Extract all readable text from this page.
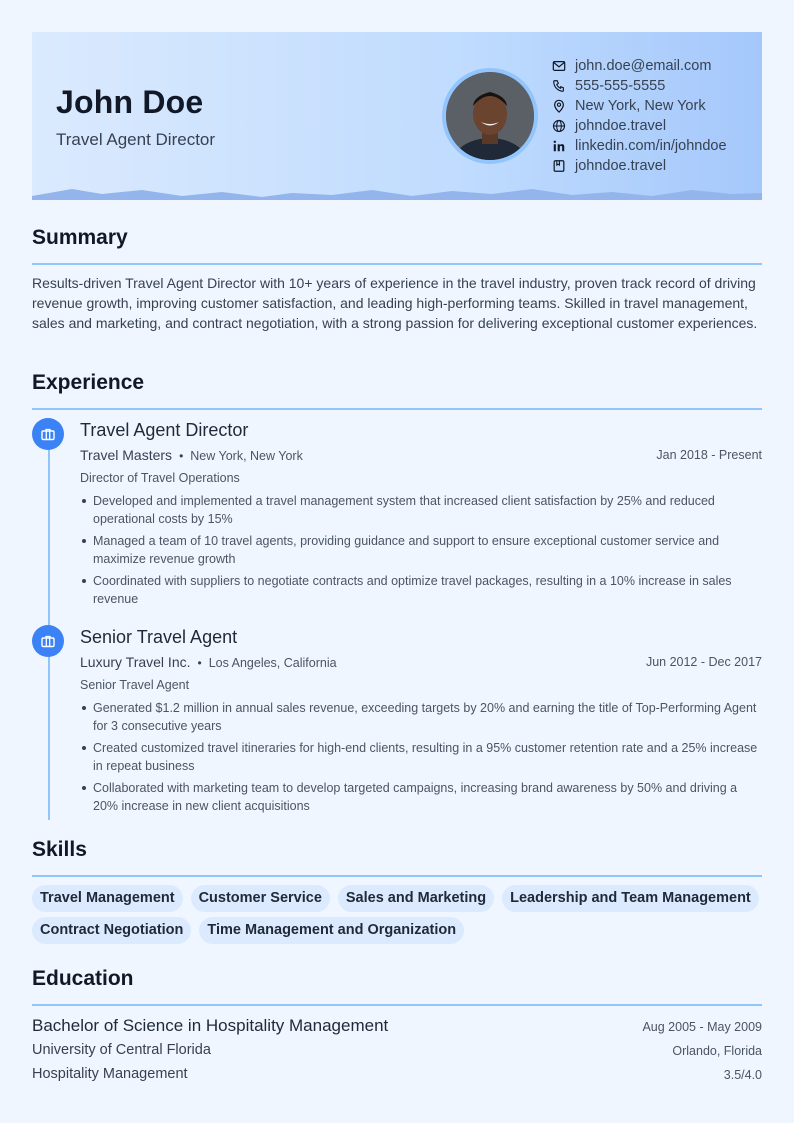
John Doe
Travel Agent Director
john.doe@email.com
555-555-5555
New York, New York
johndoe.travel
linkedin.com/in/johndoe
johndoe.travel
Summary
Results-driven Travel Agent Director with 10+ years of experience in the travel industry, proven track record of driving revenue growth, improving customer satisfaction, and leading high-performing teams. Skilled in travel management, sales and marketing, and contract negotiation, with a strong passion for delivering exceptional customer experiences.
Experience
Travel Agent Director
Travel Masters • New York, New York	Jan 2018 - Present
Director of Travel Operations
Developed and implemented a travel management system that increased client satisfaction by 25% and reduced operational costs by 15%
Managed a team of 10 travel agents, providing guidance and support to ensure exceptional customer service and maximize revenue growth
Coordinated with suppliers to negotiate contracts and optimize travel packages, resulting in a 10% increase in sales revenue
Senior Travel Agent
Luxury Travel Inc. • Los Angeles, California	Jun 2012 - Dec 2017
Senior Travel Agent
Generated $1.2 million in annual sales revenue, exceeding targets by 20% and earning the title of Top-Performing Agent for 3 consecutive years
Created customized travel itineraries for high-end clients, resulting in a 95% customer retention rate and a 25% increase in repeat business
Collaborated with marketing team to develop targeted campaigns, increasing brand awareness by 50% and driving a 20% increase in new client acquisitions
Skills
Travel Management	Customer Service	Sales and Marketing	Leadership and Team Management
Contract Negotiation	Time Management and Organization
Education
Bachelor of Science in Hospitality Management	Aug 2005 - May 2009
University of Central Florida	Orlando, Florida
Hospitality Management	3.5/4.0
